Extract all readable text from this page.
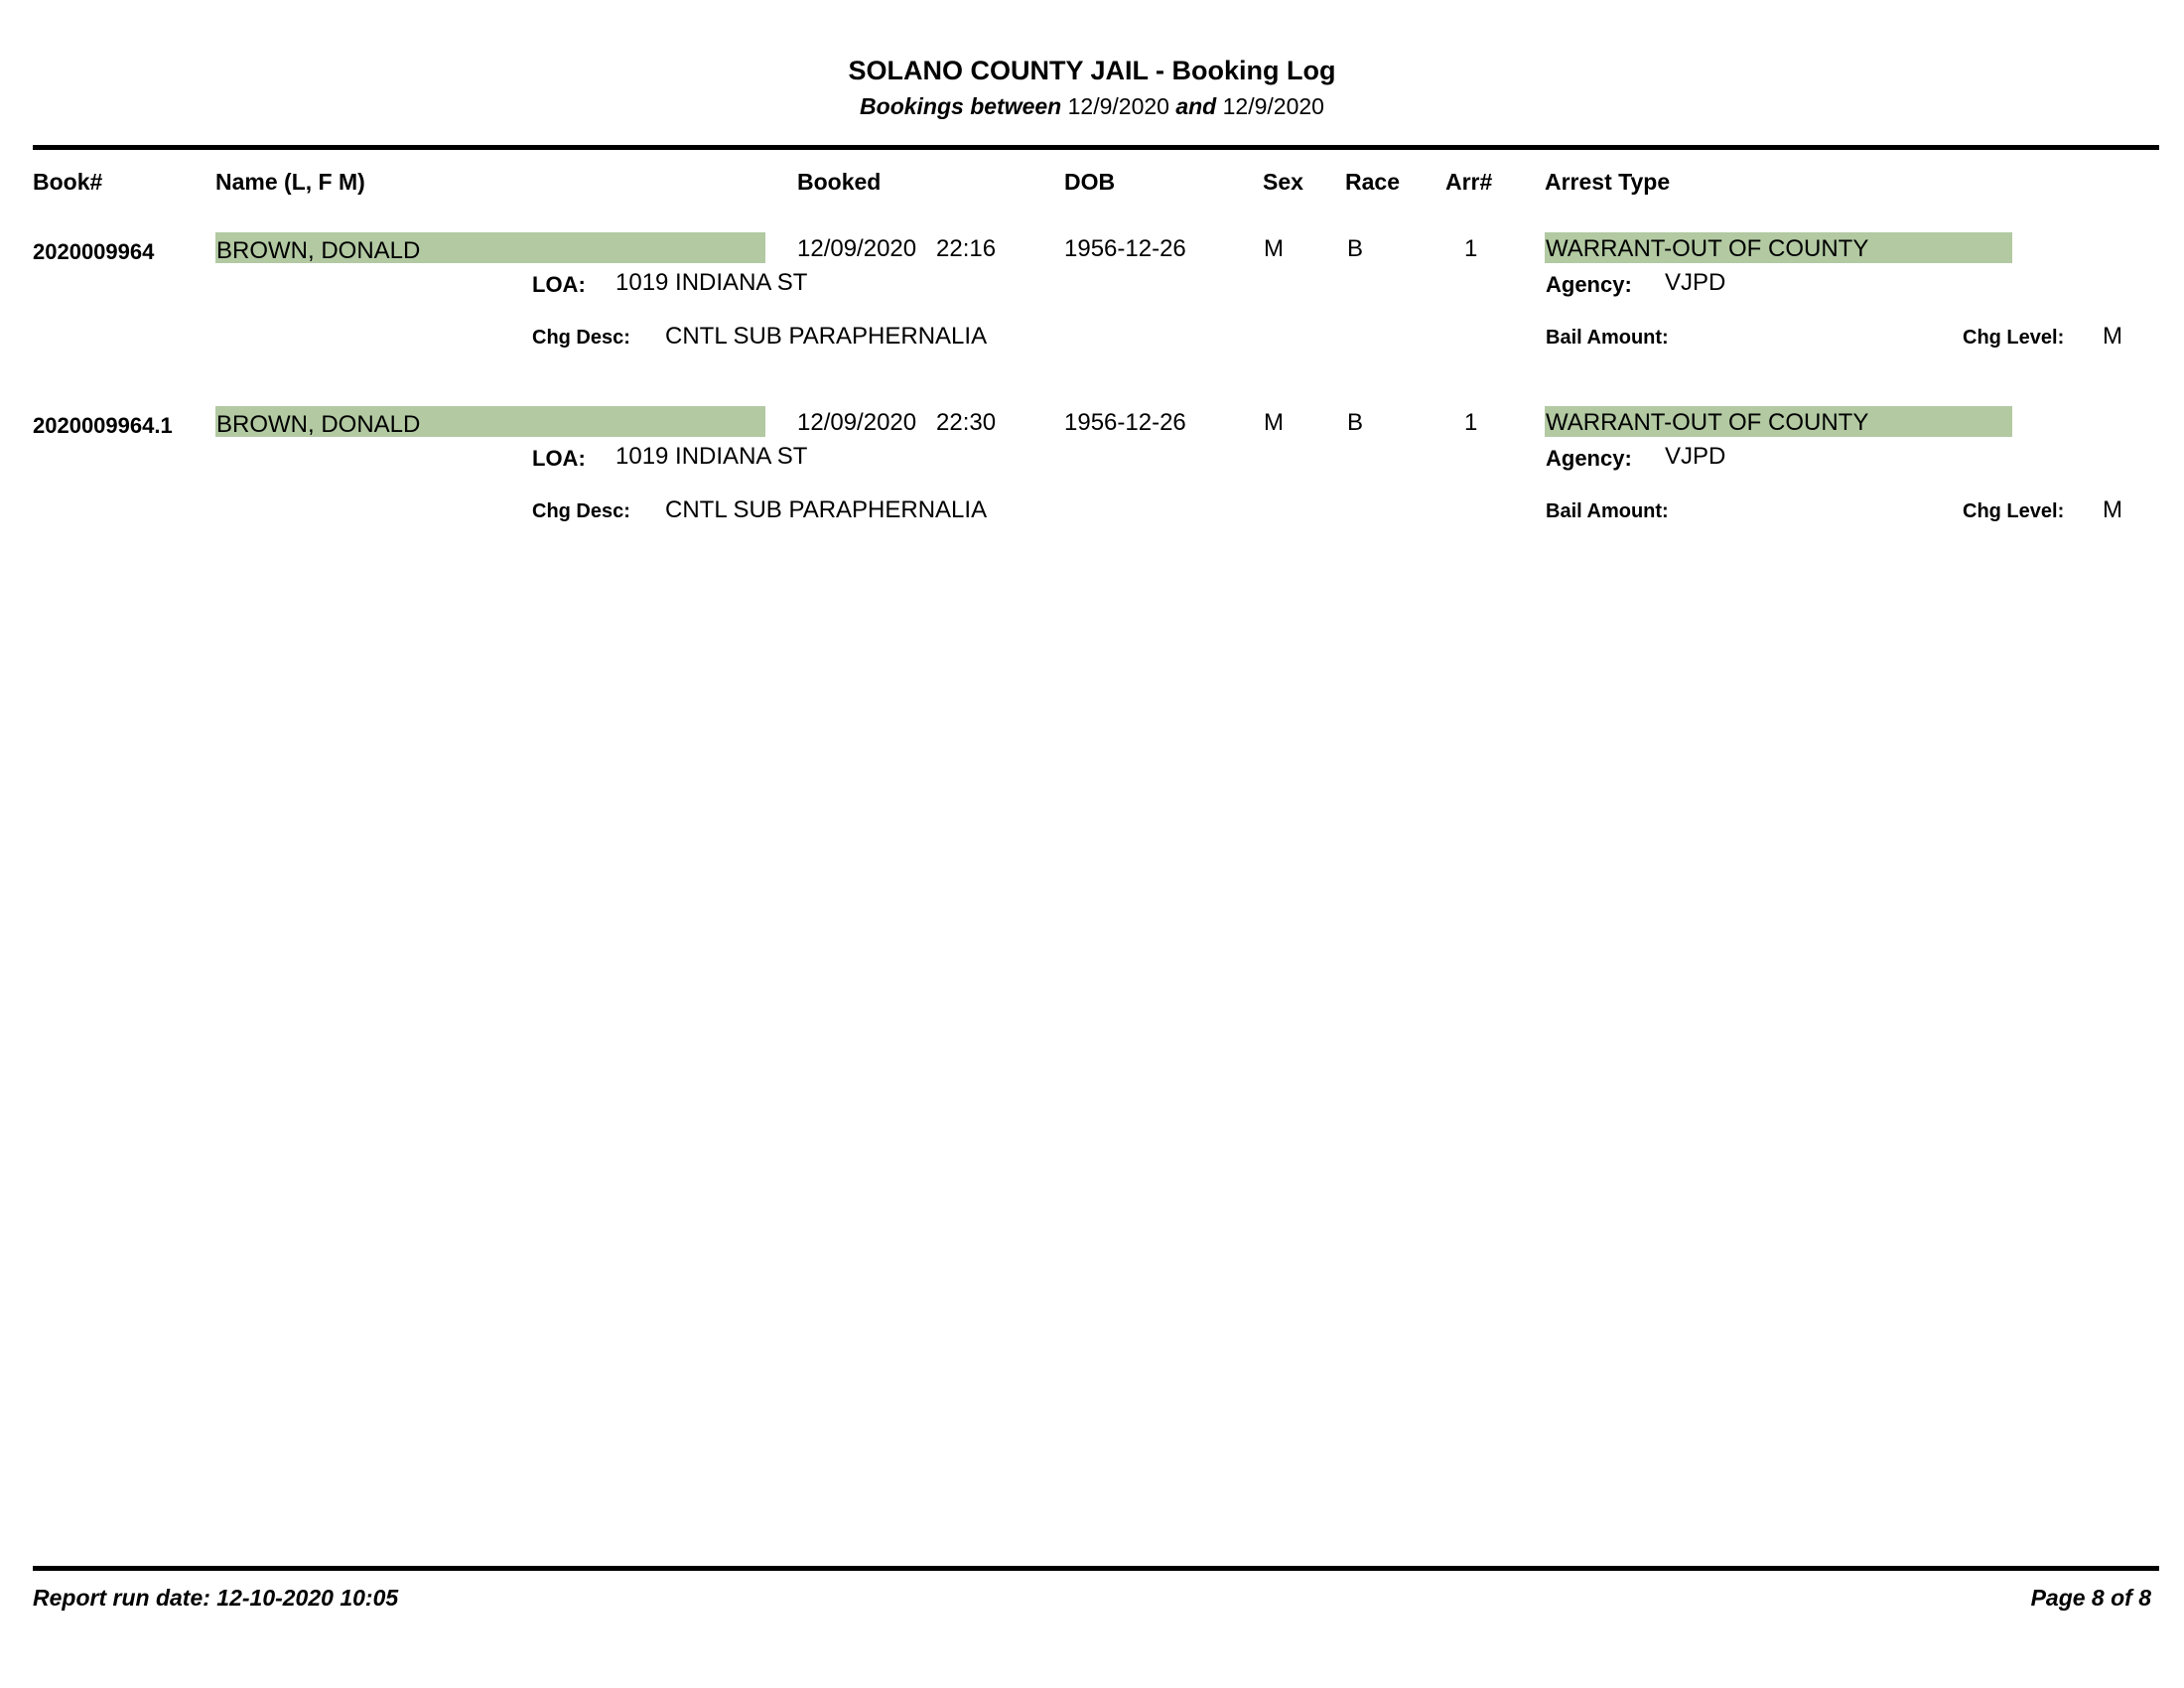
SOLANO COUNTY JAIL - Booking Log
Bookings between 12/9/2020 and 12/9/2020
Book#	Name (L, F M)	Booked	DOB	Sex Race Arr# Arrest Type
2020009964	BROWN, DONALD	12/09/2020 22:16	1956-12-26	M	B	1	WARRANT-OUT OF COUNTY
LOA: 1019 INDIANA ST	Agency: VJPD
Chg Desc: CNTL SUB PARAPHERNALIA	Bail Amount:	Chg Level: M
2020009964.1 BROWN, DONALD	12/09/2020 22:30	1956-12-26	M	B	1	WARRANT-OUT OF COUNTY
LOA: 1019 INDIANA ST	Agency: VJPD
Chg Desc: CNTL SUB PARAPHERNALIA	Bail Amount:	Chg Level: M
Report run date: 12-10-2020 10:05	Page 8 of 8
